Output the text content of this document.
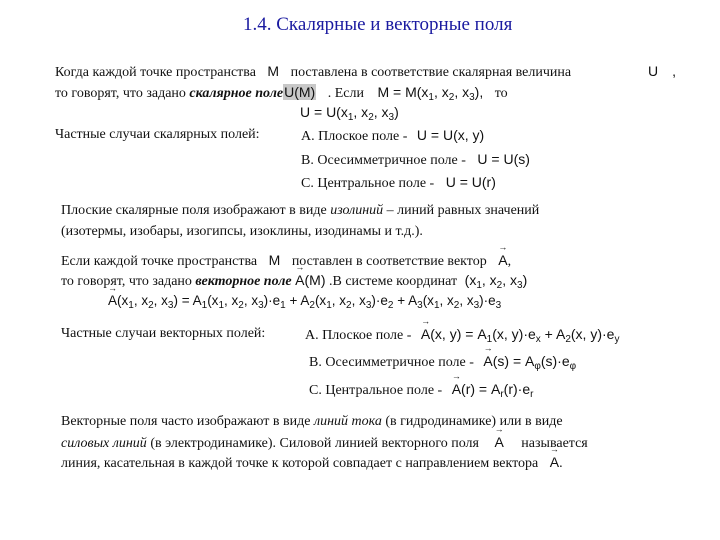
1.4. Скалярные и векторные поля
Когда каждой точке пространства M поставлена в соответствие скалярная величина	U ,
то говорят, что задано скалярное полеU(M) . Если $M = M(x_1$, $x_2$, $x_3$), то
$U = U(x_1$, $x_2$, $x_3$)
Частные случаи скалярных полей:	А. Плоское поле - U = U(x, y)
В. Осесимметричное поле - U = U(s)
С. Центральное поле - U = U(r)
Плоские скалярные поля изображают в виде изолиний – линий равных значений
(изотермы, изобары, изогипсы, изоклины, изодинамы и т.д.).
Если каждой точке пространства M поставлен в соответствие вектор → A,
то говорят, что задано векторное поле → A(M) .В системе координат ($x_1$, $x_2$, $x_3$)
→ $A(x_1$, $x_2$, $x_3) = A_1(x_1$, $x_2$, $x_3)\cdot e_1 + A_2(x_1$, $x_2$, $x_3)\cdot e_2 + A_3(x_1$, $x_2$, $x_3)\cdot e_3$
Частные случаи векторных полей:	А. Плоское поле - → A(x, $y) = A_1(x$, $y)\cdot e_x + A_2(x$, $y)\cdot e_y$
В. Осесимметричное поле - → $A(s) = A_\varphi(s)\cdot e_\varphi$
С. Центральное поле - → $A(r) = A_r(r)\cdot e_r$
Векторные поля часто изображают в виде линий тока (в гидродинамике) или в виде
силовых линий (в электродинамике). Силовой линией векторного поля → A называется
линия, касательная в каждой точке к которой совпадает с направлением вектора → A.
